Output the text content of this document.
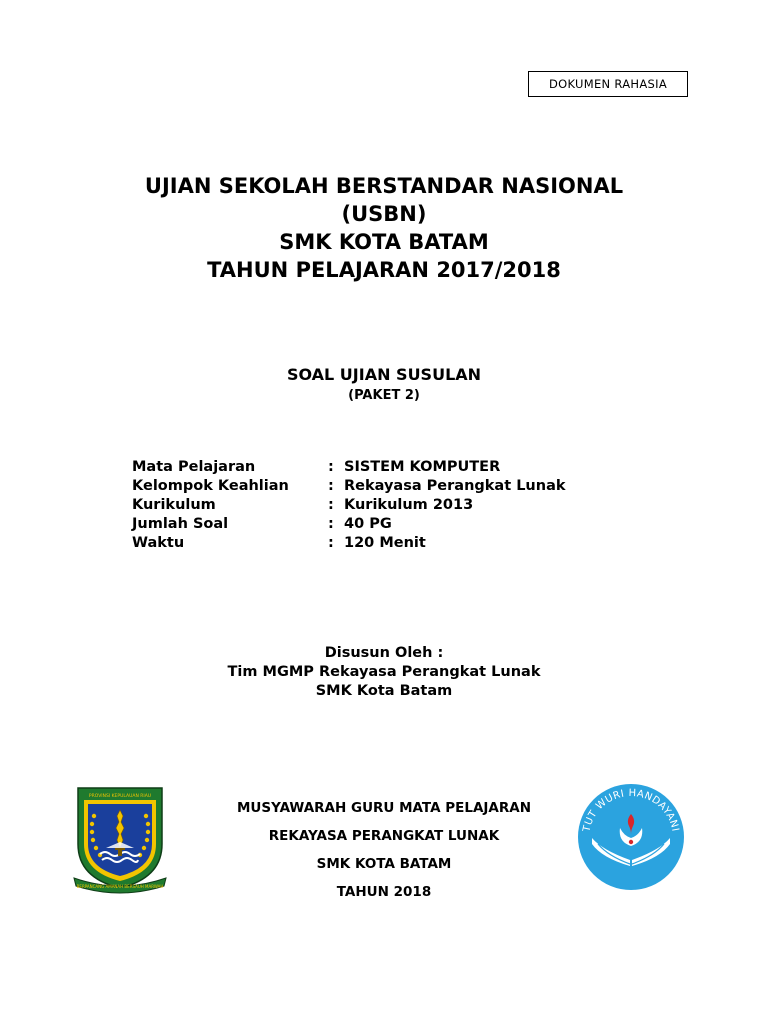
DOKUMEN RAHASIA
UJIAN SEKOLAH BERSTANDAR NASIONAL
(USBN)
SMK KOTA BATAM
TAHUN PELAJARAN 2017/2018
SOAL UJIAN SUSULAN
(PAKET 2)
Mata Pelajaran	: SISTEM KOMPUTER
Kelompok Keahlian	: Rekayasa Perangkat Lunak
Kurikulum	: Kurikulum 2013
Jumlah Soal	: 40 PG
Waktu	: 120 Menit
Disusun Oleh :
Tim MGMP Rekayasa Perangkat Lunak
SMK Kota Batam
PROVINSI KEPULAUAN RIAU
BERPANCANG AMANAH BERSAUH MARWAH
MUSYAWARAH GURU MATA PELAJARAN
REKAYASA PERANGKAT LUNAK
SMK KOTA BATAM
TAHUN 2018
TUT WURI HANDAYANI
